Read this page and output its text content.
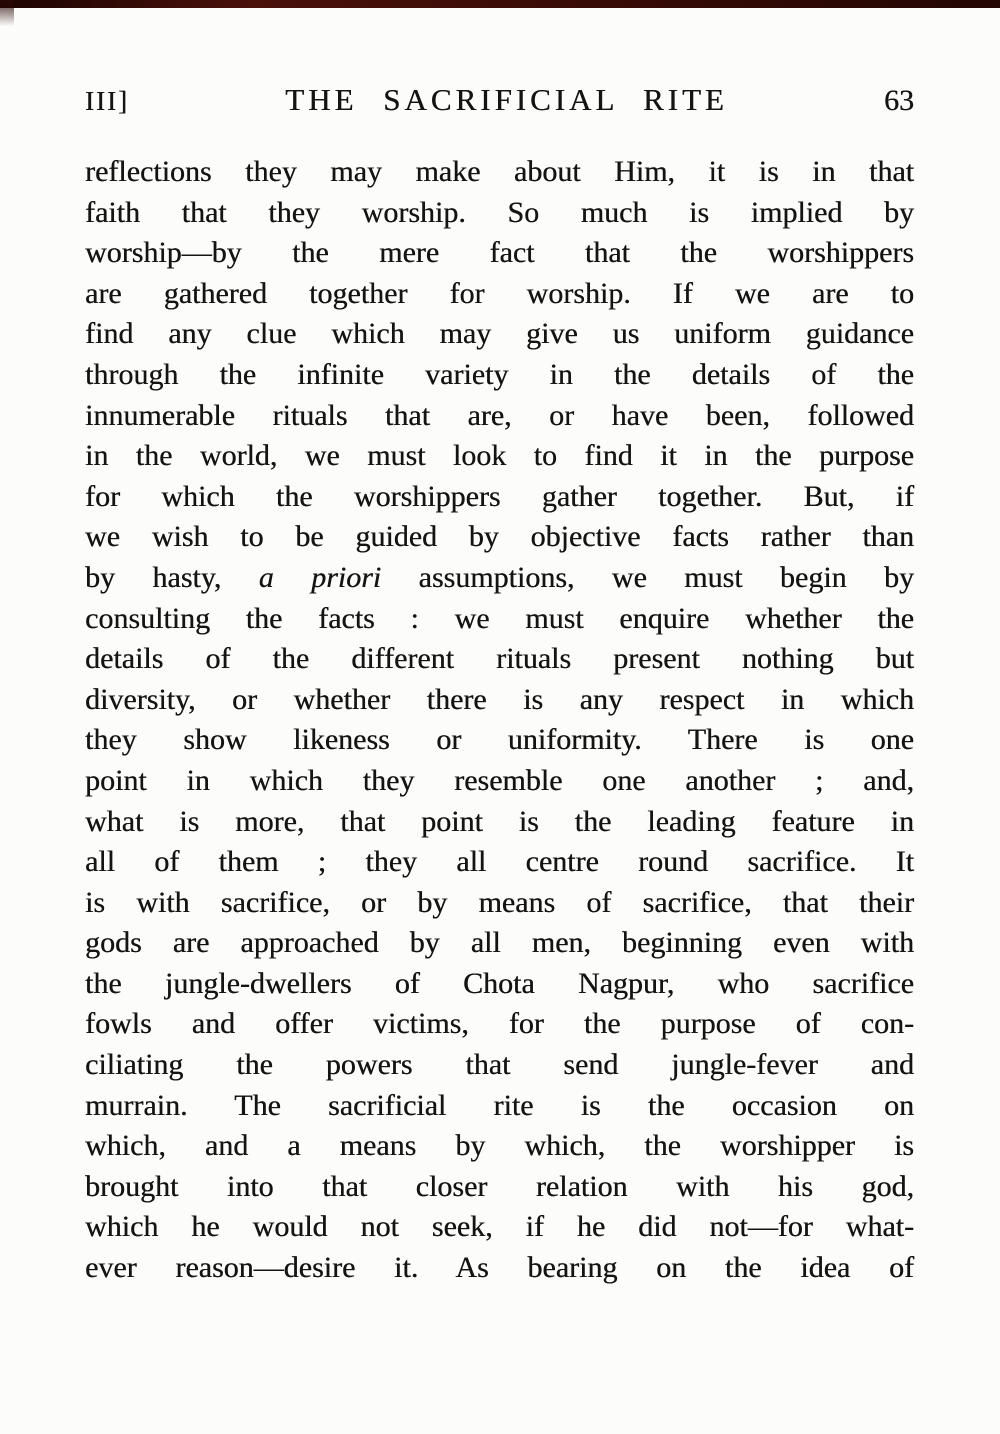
III]	THE SACRIFICIAL RITE	63
reflections they may make about Him, it is in that
faith that they worship. So much is implied by
worship—by the mere fact that the worshippers
are gathered together for worship. If we are to
find any clue which may give us uniform guidance
through the infinite variety in the details of the
innumerable rituals that are, or have been, followed
in the world, we must look to find it in the purpose
for which the worshippers gather together. But, if
we wish to be guided by objective facts rather than
by hasty, a priori assumptions, we must begin by
consulting the facts : we must enquire whether the
details of the different rituals present nothing but
diversity, or whether there is any respect in which
they show likeness or uniformity. There is one
point in which they resemble one another ; and,
what is more, that point is the leading feature in
all of them ; they all centre round sacrifice. It
is with sacrifice, or by means of sacrifice, that their
gods are approached by all men, beginning even with
the jungle-dwellers of Chota Nagpur, who sacrifice
fowls and offer victims, for the purpose of con-
ciliating the powers that send jungle-fever and
murrain. The sacrificial rite is the occasion on
which, and a means by which, the worshipper is
brought into that closer relation with his god,
which he would not seek, if he did not—for what-
ever reason—desire it. As bearing on the idea of
